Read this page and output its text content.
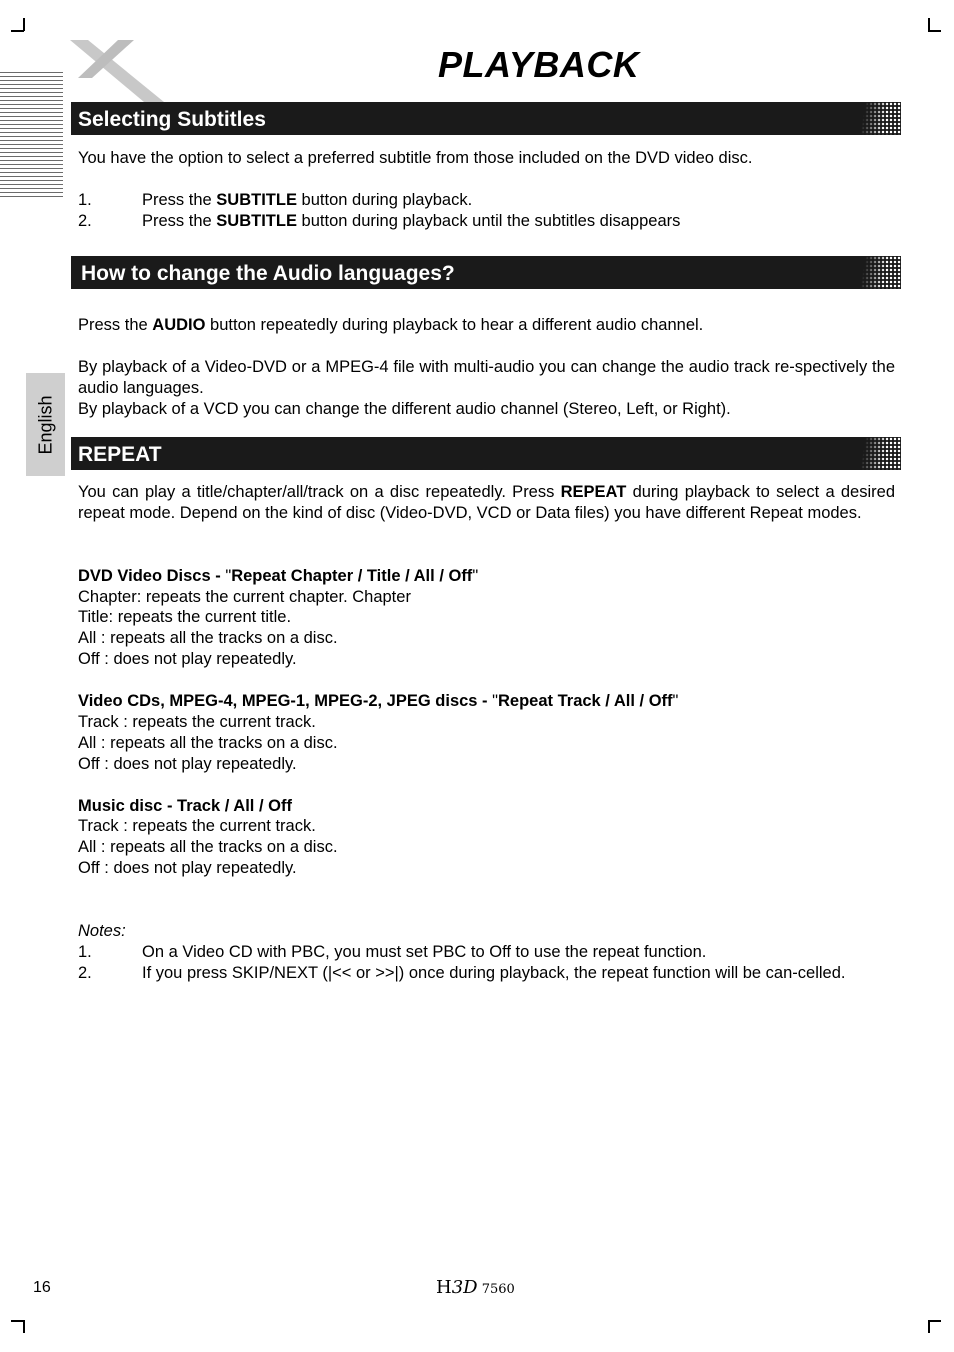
PLAYBACK
Selecting Subtitles
You have the option to select a preferred subtitle from those included on the DVD video disc.
1.	Press the SUBTITLE button during playback.
2.	Press the SUBTITLE button during playback until the subtitles disappears
How to change the Audio languages?
Press the AUDIO button repeatedly during playback to hear a different audio channel.
By playback of a Video-DVD or a MPEG-4 file with multi-audio you can change the audio track re-spectively the audio languages.
By playback of a VCD you can change the different audio channel (Stereo, Left, or Right).
English
REPEAT
You can play a title/chapter/all/track on a disc repeatedly. Press REPEAT during playback to select a desired repeat mode. Depend on the kind of disc (Video-DVD, VCD or Data files) you have different Repeat modes.
DVD Video Discs - "Repeat Chapter / Title / All / Off"
Chapter: repeats the current chapter. Chapter
Title: repeats the current title.
All : repeats all the tracks on a disc.
Off : does not play repeatedly.
Video CDs, MPEG-4, MPEG-1, MPEG-2, JPEG discs - "Repeat Track / All / Off"
Track : repeats the current track.
All : repeats all the tracks on a disc.
Off : does not play repeatedly.
Music disc - Track / All / Off
Track : repeats the current track.
All : repeats all the tracks on a disc.
Off : does not play repeatedly.
Notes:
1.	On a Video CD with PBC, you must set PBC to Off to use the repeat function.
2.	If you press SKIP/NEXT (|<< or >>|) once during playback, the repeat function will be can-celled.
16	H3D 7560
